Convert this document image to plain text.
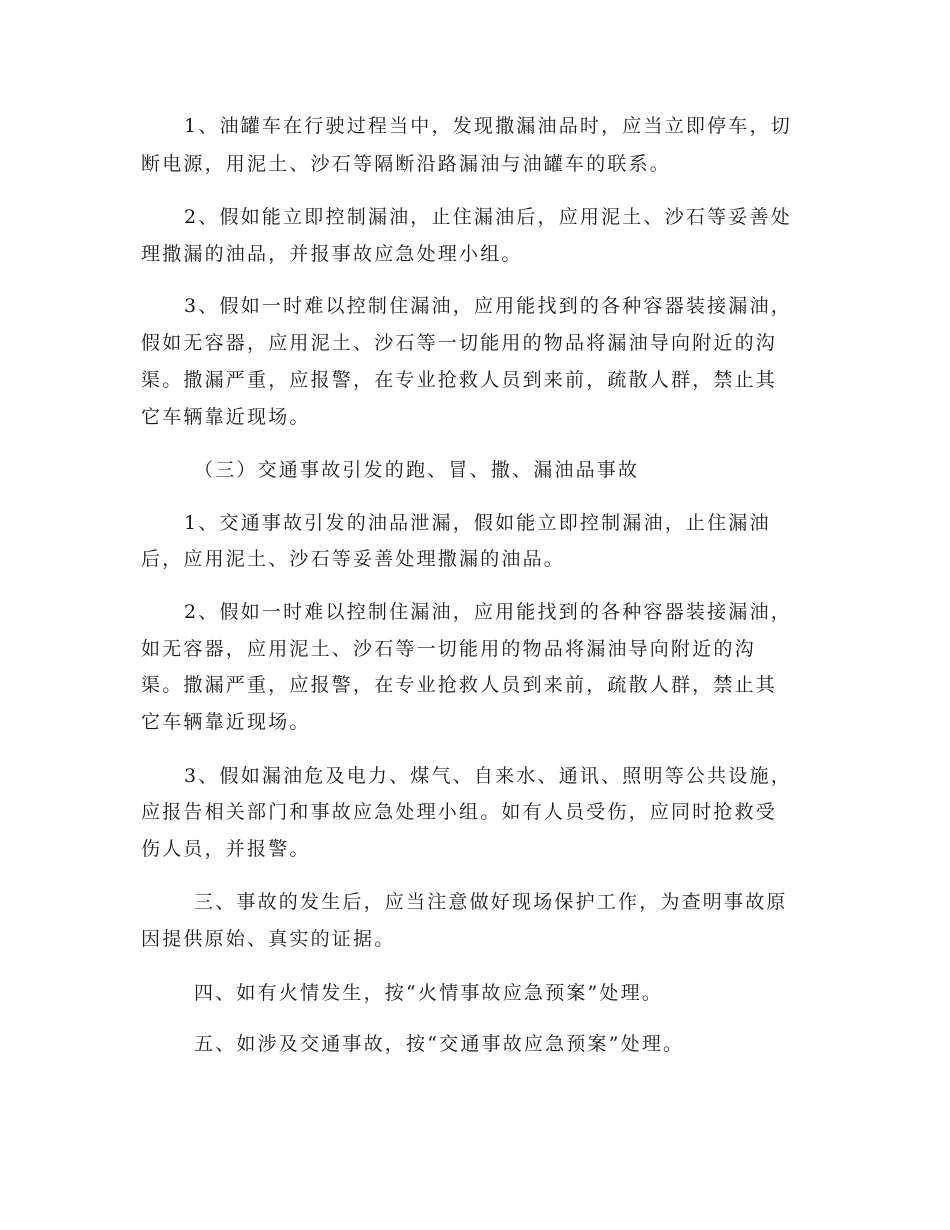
1、油罐车在行驶过程当中，发现撒漏油品时，应当立即停车，切
断电源，用泥土、沙石等隔断沿路漏油与油罐车的联系。
2、假如能立即控制漏油，止住漏油后，应用泥土、沙石等妥善处
理撒漏的油品，并报事故应急处理小组。
3、假如一时难以控制住漏油，应用能找到的各种容器装接漏油，
假如无容器，应用泥土、沙石等一切能用的物品将漏油导向附近的沟
渠。撒漏严重，应报警，在专业抢救人员到来前，疏散人群，禁止其
它车辆靠近现场。
（三）交通事故引发的跑、冒、撒、漏油品事故
1、交通事故引发的油品泄漏，假如能立即控制漏油，止住漏油
后，应用泥土、沙石等妥善处理撒漏的油品。
2、假如一时难以控制住漏油，应用能找到的各种容器装接漏油，
如无容器，应用泥土、沙石等一切能用的物品将漏油导向附近的沟
渠。撒漏严重，应报警，在专业抢救人员到来前，疏散人群，禁止其
它车辆靠近现场。
3、假如漏油危及电力、煤气、自来水、通讯、照明等公共设施，
应报告相关部门和事故应急处理小组。如有人员受伤，应同时抢救受
伤人员，并报警。
三、事故的发生后，应当注意做好现场保护工作，为查明事故原
因提供原始、真实的证据。
四、如有火情发生，按“火情事故应急预案”处理。
五、如涉及交通事故，按“交通事故应急预案”处理。
